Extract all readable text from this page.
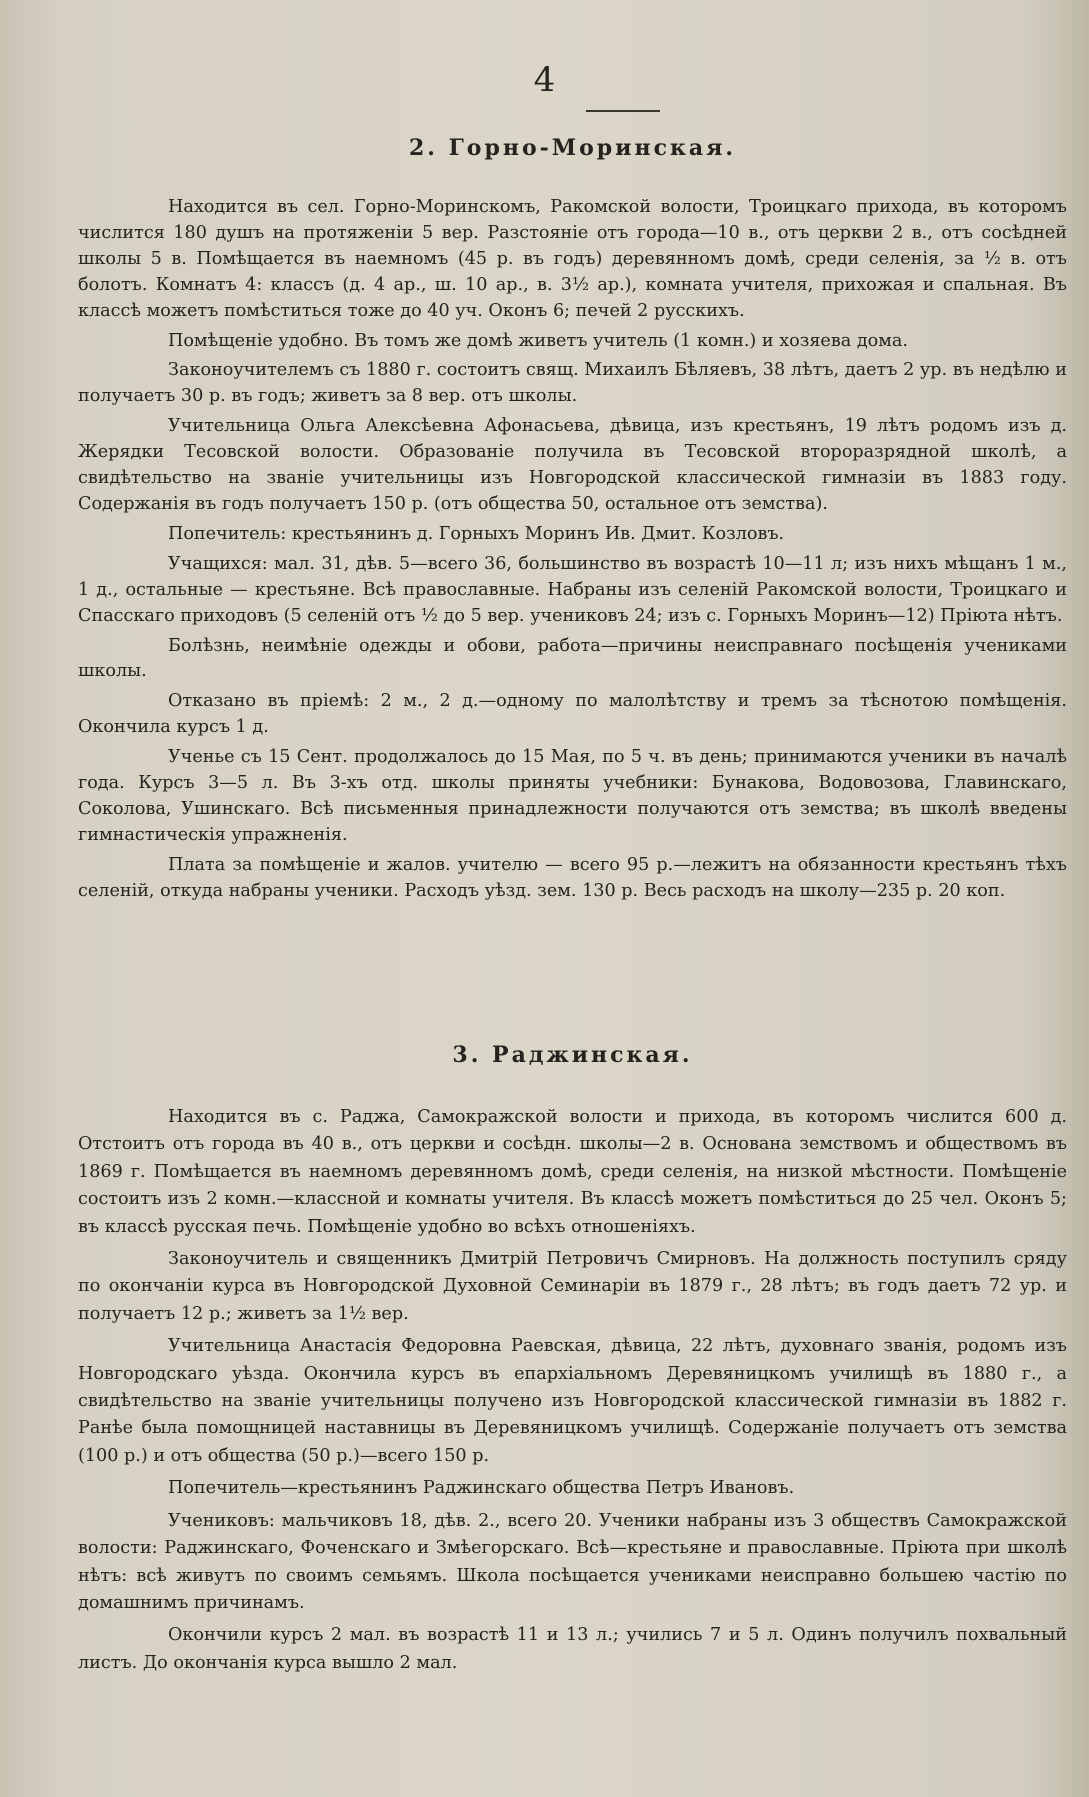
4
2. Горно-Моринская.

Находится въ сел. Горно-Моринскомъ, Ракомской волости, Троицкаго прихода, въ которомъ числится 180 душъ на протяженіи 5 вер. Разстояніе отъ города—10 в., отъ церкви 2 в., отъ сосѣдней школы 5 в. Помѣщается въ наемномъ (45 р. въ годъ) деревянномъ домѣ, среди селенія, за ½ в. отъ болотъ. Комнатъ 4: классъ (д. 4 ар., ш. 10 ар., в. 3½ ар.), комната учителя, прихожая и спальная. Въ классѣ можетъ помѣститься тоже до 40 уч. Оконъ 6; печей 2 русскихъ.

Помѣщеніе удобно. Въ томъ же домѣ живетъ учитель (1 комн.) и хозяева дома.

Законоучителемъ съ 1880 г. состоитъ свящ. Михаилъ Бѣляевъ, 38 лѣтъ, даетъ 2 ур. въ недѣлю и получаетъ 30 р. въ годъ; живетъ за 8 вер. отъ школы.

Учительница Ольга Алексѣевна Афонасьева, дѣвица, изъ крестьянъ, 19 лѣтъ родомъ изъ д. Жерядки Тесовской волости. Образованіе получила въ Тесовской второразрядной школѣ, а свидѣтельство на званіе учительницы изъ Новгородской классической гимназіи въ 1883 году. Содержанія въ годъ получаетъ 150 р. (отъ общества 50, остальное отъ земства).

Попечитель: крестьянинъ д. Горныхъ Моринъ Ив. Дмит. Козловъ.

Учащихся: мал. 31, дѣв. 5—всего 36, большинство въ возрастѣ 10—11 л; изъ нихъ мѣщанъ 1 м., 1 д., остальные — крестьяне. Всѣ православные. Набраны изъ селеній Ракомской волости, Троицкаго и Спасскаго приходовъ (5 селеній отъ ½ до 5 вер. учениковъ 24; изъ с. Горныхъ Моринъ—12) Пріюта нѣтъ.

Болѣзнь, неимѣніе одежды и обови, работа—причины неисправнаго посѣщенія учениками школы.

Отказано въ пріемѣ: 2 м., 2 д.—одному по малолѣтству и тремъ за тѣснотою помѣщенія. Окончила курсъ 1 д.

Ученье съ 15 Сент. продолжалось до 15 Мая, по 5 ч. въ день; принимаются ученики въ началѣ года. Курсъ 3—5 л. Въ 3-хъ отд. школы приняты учебники: Бунакова, Водовозова, Главинскаго, Соколова, Ушинскаго. Всѣ письменныя принадлежности получаются отъ земства; въ школѣ введены гимнастическія упражненія.

Плата за помѣщеніе и жалов. учителю — всего 95 р.—лежитъ на обязанности крестьянъ тѣхъ селеній, откуда набраны ученики. Расходъ уѣзд. зем. 130 р. Весь расходъ на школу—235 р. 20 коп.

3. Раджинская.

Находится въ с. Раджа, Самокражской волости и прихода, въ которомъ числится 600 д. Отстоитъ отъ города въ 40 в., отъ церкви и сосѣдн. школы—2 в. Основана земствомъ и обществомъ въ 1869 г. Помѣщается въ наемномъ деревянномъ домѣ, среди селенія, на низкой мѣстности. Помѣщеніе состоитъ изъ 2 комн.—классной и комнаты учителя. Въ классѣ можетъ помѣститься до 25 чел. Оконъ 5; въ классѣ русская печь. Помѣщеніе удобно во всѣхъ отношеніяхъ.

Законоучитель и священникъ Дмитрій Петровичъ Смирновъ. На должность поступилъ сряду по окончаніи курса въ Новгородской Духовной Семинаріи въ 1879 г., 28 лѣтъ; въ годъ даетъ 72 ур. и получаетъ 12 р.; живетъ за 1½ вер.

Учительница Анастасія Федоровна Раевская, дѣвица, 22 лѣтъ, духовнаго званія, родомъ изъ Новгородскаго уѣзда. Окончила курсъ въ епархіальномъ Деревяницкомъ училищѣ въ 1880 г., а свидѣтельство на званіе учительницы получено изъ Новгородской классической гимназіи въ 1882 г. Ранѣе была помощницей наставницы въ Деревяницкомъ училищѣ. Содержаніе получаетъ отъ земства (100 р.) и отъ общества (50 р.)—всего 150 р.

Попечитель—крестьянинъ Раджинскаго общества Петръ Ивановъ.

Учениковъ: мальчиковъ 18, дѣв. 2., всего 20. Ученики набраны изъ 3 обществъ Самокражской волости: Раджинскаго, Фоченскаго и Змѣегорскаго. Всѣ—крестьяне и православные. Пріюта при школѣ нѣтъ: всѣ живутъ по своимъ семьямъ. Школа посѣщается учениками неисправно большею частію по домашнимъ причинамъ.

Окончили курсъ 2 мал. въ возрастѣ 11 и 13 л.; учились 7 и 5 л. Одинъ получилъ похвальный листъ. До окончанія курса вышло 2 мал.
